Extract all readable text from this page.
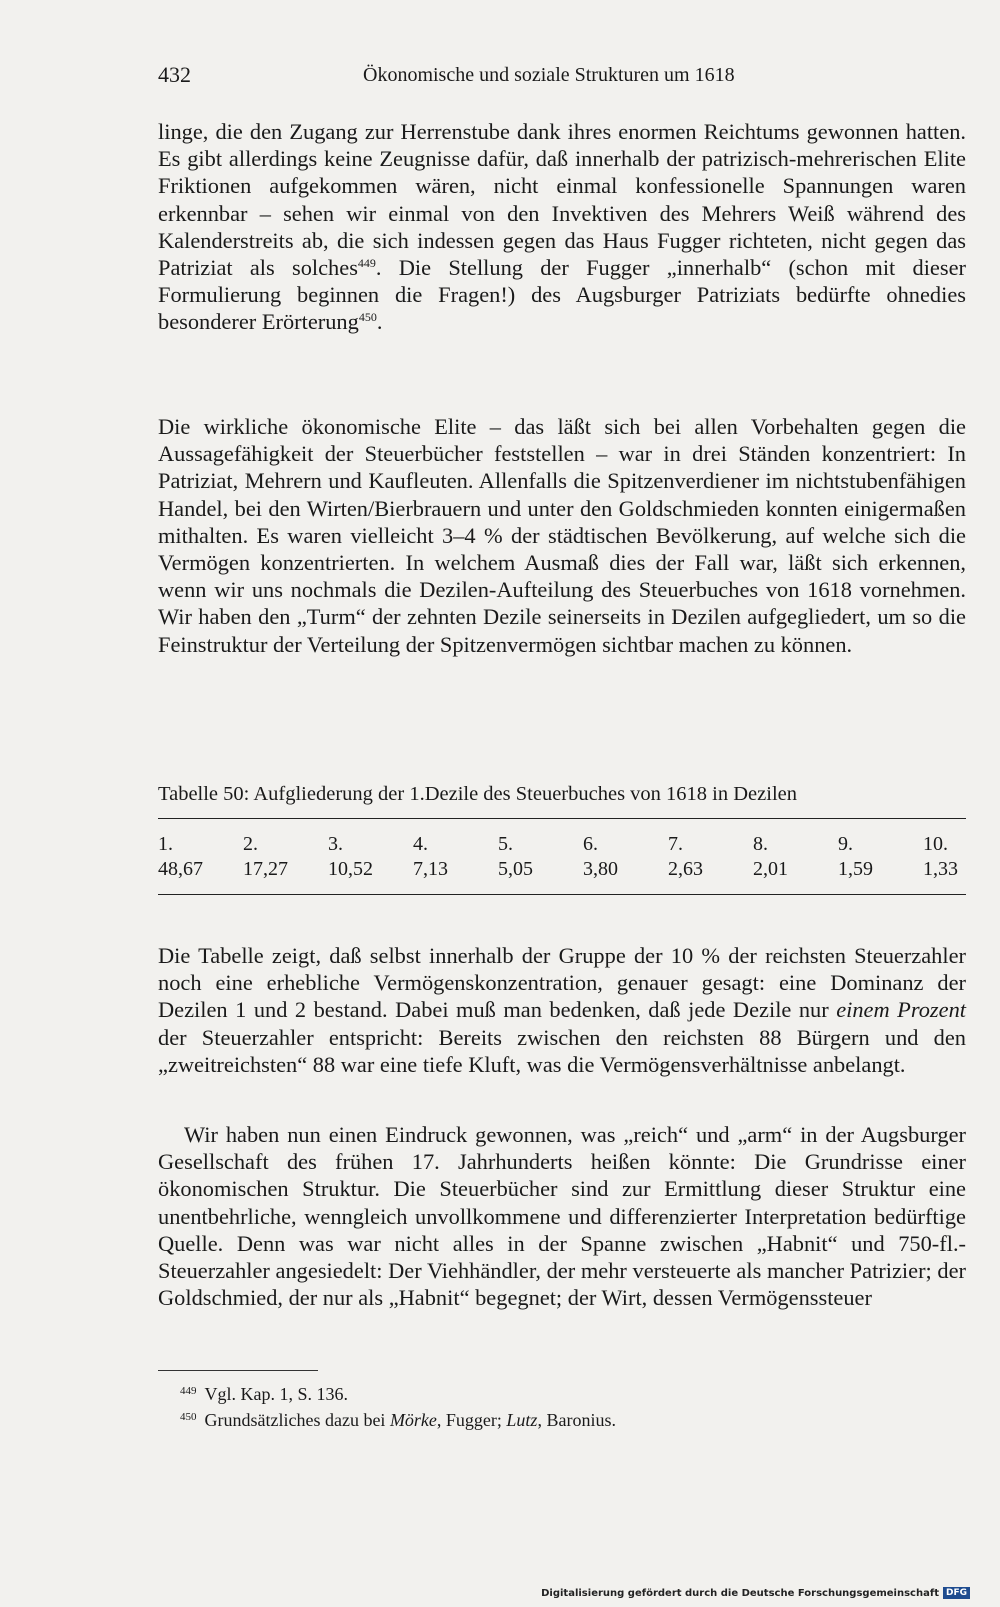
432	Ökonomische und soziale Strukturen um 1618

linge, die den Zugang zur Herrenstube dank ihres enormen Reichtums gewonnen hatten. Es gibt allerdings keine Zeugnisse dafür, daß innerhalb der patrizisch-mehrerischen Elite Friktionen aufgekommen wären, nicht einmal konfessionelle Spannungen waren erkennbar – sehen wir einmal von den Invektiven des Mehrers Weiß während des Kalenderstreits ab, die sich indessen gegen das Haus Fugger richteten, nicht gegen das Patriziat als solches$^{449}$. Die Stellung der Fugger „innerhalb“ (schon mit dieser Formulierung beginnen die Fragen!) des Augsburger Patriziats bedürfte ohnedies besonderer Erörterung$^{450}$.

Die wirkliche ökonomische Elite – das läßt sich bei allen Vorbehalten gegen die Aussagefähigkeit der Steuerbücher feststellen – war in drei Ständen konzentriert: In Patriziat, Mehrern und Kaufleuten. Allenfalls die Spitzenverdiener im nichtstubenfähigen Handel, bei den Wirten/Bierbrauern und unter den Goldschmieden konnten einigermaßen mithalten. Es waren vielleicht 3–4 % der städtischen Bevölkerung, auf welche sich die Vermögen konzentrierten. In welchem Ausmaß dies der Fall war, läßt sich erkennen, wenn wir uns nochmals die Dezilen-Aufteilung des Steuerbuches von 1618 vornehmen. Wir haben den „Turm“ der zehnten Dezile seinerseits in Dezilen aufgegliedert, um so die Feinstruktur der Verteilung der Spitzenvermögen sichtbar machen zu können.

Tabelle 50: Aufgliederung der 1.Dezile des Steuerbuches von 1618 in Dezilen
1.	2.	3.	4.	5.	6.	7.	8.	9.	10.
48,67 17,27 10,52 7,13	5,05	3,80	2,63	2,01	1,59	1,33

Die Tabelle zeigt, daß selbst innerhalb der Gruppe der 10 % der reichsten Steuerzahler noch eine erhebliche Vermögenskonzentration, genauer gesagt: eine Dominanz der Dezilen 1 und 2 bestand. Dabei muß man bedenken, daß jede Dezile nur einem Prozent der Steuerzahler entspricht: Bereits zwischen den reichsten 88 Bürgern und den „zweitreichsten“ 88 war eine tiefe Kluft, was die Vermögensverhältnisse anbelangt.

Wir haben nun einen Eindruck gewonnen, was „reich“ und „arm“ in der Augsburger Gesellschaft des frühen 17. Jahrhunderts heißen könnte: Die Grundrisse einer ökonomischen Struktur. Die Steuerbücher sind zur Ermittlung dieser Struktur eine unentbehrliche, wenngleich unvollkommene und differenzierter Interpretation bedürftige Quelle. Denn was war nicht alles in der Spanne zwischen „Habnit“ und 750-fl.-Steuerzahler angesiedelt: Der Viehhändler, der mehr versteuerte als mancher Patrizier; der Goldschmied, der nur als „Habnit“ begegnet; der Wirt, dessen Vermögenssteuer

$^{449}$ Vgl. Kap. 1, S. 136.
$^{450}$ Grundsätzliches dazu bei Mörke, Fugger; Lutz, Baronius.
Digitalisierung gefördert durch die Deutsche Forschungsgemeinschaft DFG
